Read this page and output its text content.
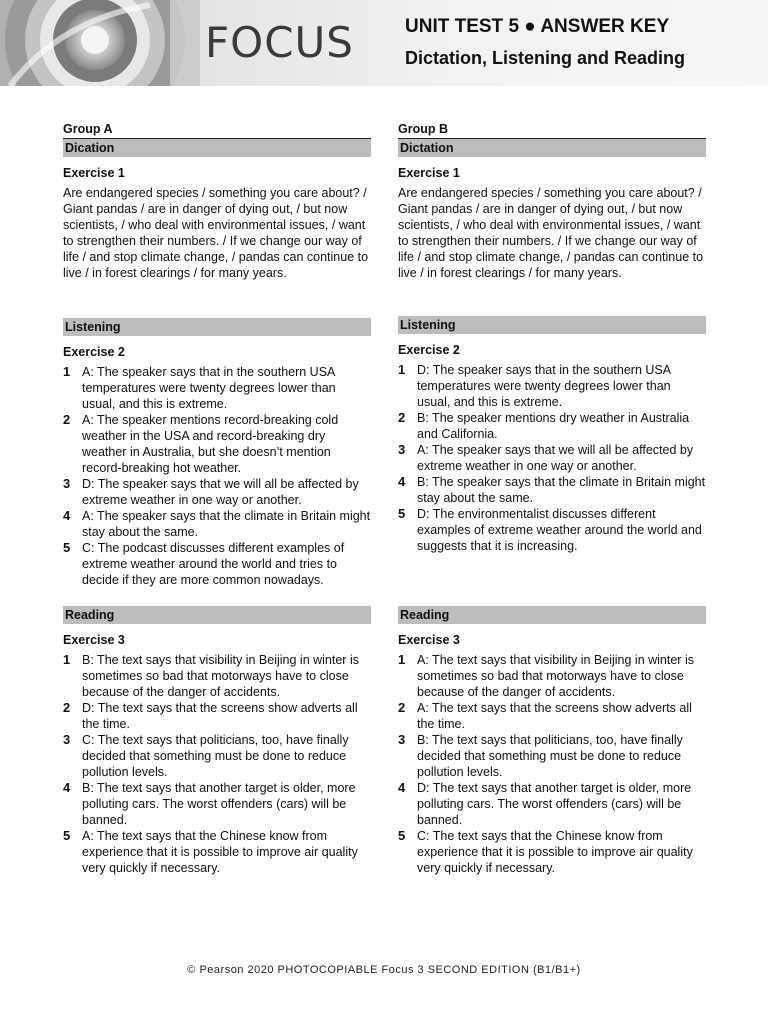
FOCUS	UNIT TEST 5 ● ANSWER KEY
Dictation, Listening and Reading
Group A
Dication
Exercise 1

Are endangered species / something you care about? / Giant pandas / are in danger of dying out, / but now scientists, / who deal with environmental issues, / want to strengthen their numbers. / If we change our way of life / and stop climate change, / pandas can continue to live / in forest clearings / for many years.

Listening
Exercise 2
1 A: The speaker says that in the southern USA temperatures were twenty degrees lower than usual, and this is extreme.
2 A: The speaker mentions record-breaking cold weather in the USA and record-breaking dry weather in Australia, but she doesn’t mention record-breaking hot weather.
3 D: The speaker says that we will all be affected by extreme weather in one way or another.
4 A: The speaker says that the climate in Britain might stay about the same.
5 C: The podcast discusses different examples of extreme weather around the world and tries to decide if they are more common nowadays.
Reading
Exercise 3
1 B: The text says that visibility in Beijing in winter is sometimes so bad that motorways have to close because of the danger of accidents.
2 D: The text says that the screens show adverts all the time.
3 C: The text says that politicians, too, have finally decided that something must be done to reduce pollution levels.
4 B: The text says that another target is older, more polluting cars. The worst offenders (cars) will be banned.
5 A: The text says that the Chinese know from experience that it is possible to improve air quality very quickly if necessary.
Group B
Dictation
Exercise 1

Are endangered species / something you care about? / Giant pandas / are in danger of dying out, / but now scientists, / who deal with environmental issues, / want to strengthen their numbers. / If we change our way of life / and stop climate change, / pandas can continue to live / in forest clearings / for many years.

Listening
Exercise 2
1 D: The speaker says that in the southern USA temperatures were twenty degrees lower than usual, and this is extreme.
2 B: The speaker mentions dry weather in Australia and California.
3 A: The speaker says that we will all be affected by extreme weather in one way or another.
4 B: The speaker says that the climate in Britain might stay about the same.
5 D: The environmentalist discusses different examples of extreme weather around the world and suggests that it is increasing.
Reading
Exercise 3
1 A: The text says that visibility in Beijing in winter is sometimes so bad that motorways have to close because of the danger of accidents.
2 A: The text says that the screens show adverts all the time.
3 B: The text says that politicians, too, have finally decided that something must be done to reduce pollution levels.
4 D: The text says that another target is older, more polluting cars. The worst offenders (cars) will be banned.
5 C: The text says that the Chinese know from experience that it is possible to improve air quality very quickly if necessary.
© Pearson 2020 PHOTOCOPIABLE Focus 3 SECOND EDITION (B1/B1+)
